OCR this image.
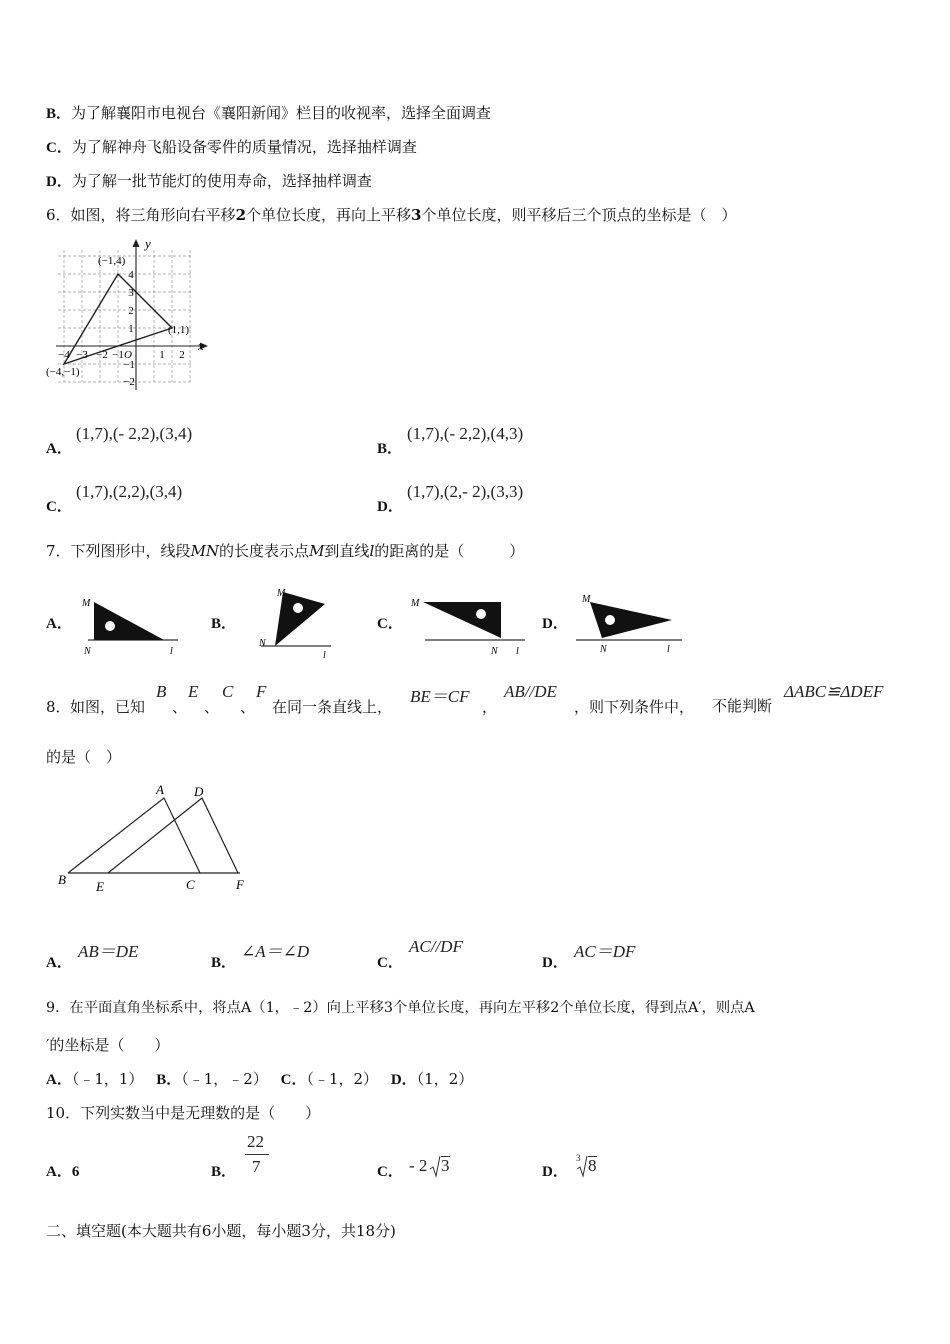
B．为了解襄阳市电视台《襄阳新闻》栏目的收视率，选择全面调查
C．为了解神舟飞船设备零件的质量情况，选择抽样调查
D．为了解一批节能灯的使用寿命，选择抽样调查
6．如图，将三角形向右平移2个单位长度，再向上平移3个单位长度，则平移后三个顶点的坐标是（　）
x
y
O
−4 −3 −2 −1	1 2
4
3
2
1
−1
−2
(−1,4)
(1,1)
(−4,−1)
A．
(1,7),(- 2,2),(3,4)
B．
(1,7),(- 2,2),(4,3)
C．
(1,7),(2,2),(3,4)
D．
(1,7),(2,- 2),(3,3)
7．下列图形中，线段MN的长度表示点M到直线l的距离的是（　　　）
A．
M
N	l
B．
M
N
l
C．
M
N l
D．
M
N	l
8． 如图，已知
B
、
E
、
C
、
F
在同一条直线上，
BE＝CF
，
AB//DE
，则下列条件中， 不能判断
ΔABC≌ΔDEF
的是（　）
A D
B E	C	F
A．
AB＝DE
B．
∠A＝∠D
C．
AC//DF
D．
AC＝DF
9．在平面直角坐标系中，将点A（1，﹣2）向上平移3个单位长度，再向左平移2个单位长度，得到点A′，则点A
′的坐标是（　　）
A．（﹣1，1） B．（﹣1，﹣2） C．（﹣1，2） D．（1，2）
10．下列实数当中是无理数的是（　　）
A．6	B．
22
7	C． - 2 3	D．
3 8
二、填空题(本大题共有6小题，每小题3分，共18分)
